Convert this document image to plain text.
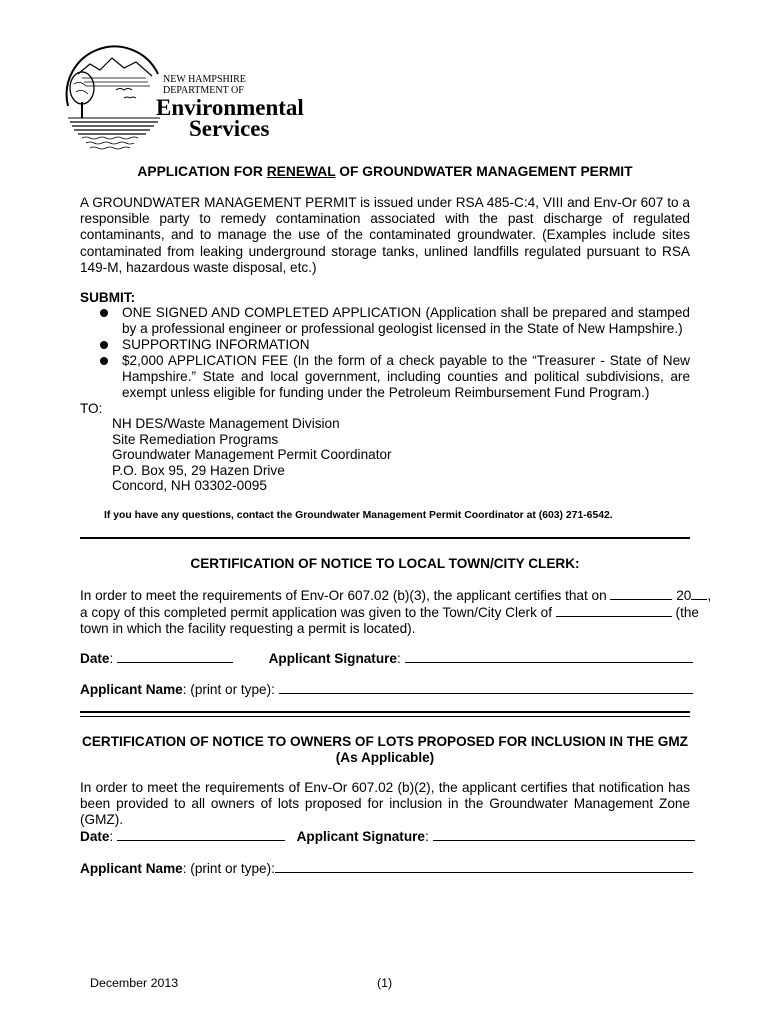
NEW HAMPSHIRE
DEPARTMENT OF
Environmental
Services
APPLICATION FOR RENEWAL OF GROUNDWATER MANAGEMENT PERMIT
A GROUNDWATER MANAGEMENT PERMIT is issued under RSA 485-C:4, VIII and Env-Or 607 to a responsible party to remedy contamination associated with the past discharge of regulated contaminants, and to manage the use of the contaminated groundwater. (Examples include sites contaminated from leaking underground storage tanks, unlined landfills regulated pursuant to RSA 149-M, hazardous waste disposal, etc.)
SUBMIT:
ONE SIGNED AND COMPLETED APPLICATION (Application shall be prepared and stamped by a professional engineer or professional geologist licensed in the State of New Hampshire.)
SUPPORTING INFORMATION
$2,000 APPLICATION FEE (In the form of a check payable to the “Treasurer - State of New Hampshire.” State and local government, including counties and political subdivisions, are exempt unless eligible for funding under the Petroleum Reimbursement Fund Program.)
TO:
NH DES/Waste Management Division
Site Remediation Programs
Groundwater Management Permit Coordinator
P.O. Box 95, 29 Hazen Drive
Concord, NH 03302-0095
If you have any questions, contact the Groundwater Management Permit Coordinator at (603) 271-6542.
CERTIFICATION OF NOTICE TO LOCAL TOWN/CITY CLERK:
In order to meet the requirements of Env-Or 607.02 (b)(3), the applicant certifies that on	20 ,
a copy of this completed permit application was given to the Town/City Clerk of	(the
town in which the facility requesting a permit is located).
Date:	Applicant Signature:
Applicant Name: (print or type):
CERTIFICATION OF NOTICE TO OWNERS OF LOTS PROPOSED FOR INCLUSION IN THE GMZ
(As Applicable)
In order to meet the requirements of Env-Or 607.02 (b)(2), the applicant certifies that notification has been provided to all owners of lots proposed for inclusion in the Groundwater Management Zone (GMZ).
Date:	Applicant Signature:
Applicant Name: (print or type):
December 2013	(1)
